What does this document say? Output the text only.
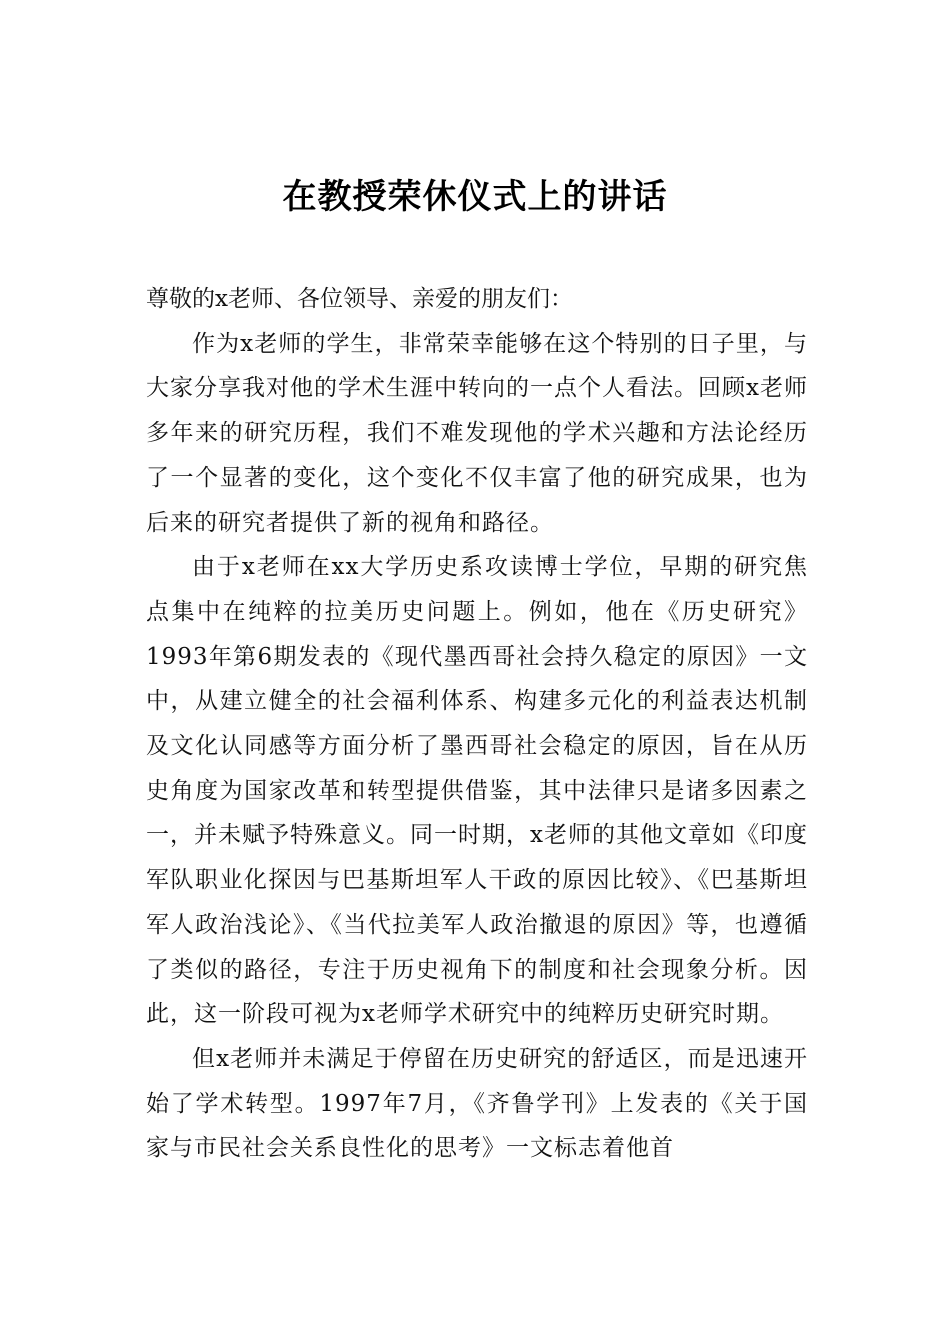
在教授荣休仪式上的讲话

尊敬的x老师、各位领导、亲爱的朋友们：

作为x老师的学生，非常荣幸能够在这个特别的日子里，与大家分享我对他的学术生涯中转向的一点个人看法。回顾x老师多年来的研究历程，我们不难发现他的学术兴趣和方法论经历了一个显著的变化，这个变化不仅丰富了他的研究成果，也为后来的研究者提供了新的视角和路径。

由于x老师在xx大学历史系攻读博士学位，早期的研究焦点集中在纯粹的拉美历史问题上。例如，他在《历史研究》1993年第6期发表的《现代墨西哥社会持久稳定的原因》一文中，从建立健全的社会福利体系、构建多元化的利益表达机制及文化认同感等方面分析了墨西哥社会稳定的原因，旨在从历史角度为国家改革和转型提供借鉴，其中法律只是诸多因素之一，并未赋予特殊意义。同一时期，x老师的其他文章如《印度军队职业化探因与巴基斯坦军人干政的原因比较》、《巴基斯坦军人政治浅论》、《当代拉美军人政治撤退的原因》等，也遵循了类似的路径，专注于历史视角下的制度和社会现象分析。因此，这一阶段可视为x老师学术研究中的纯粹历史研究时期。

但x老师并未满足于停留在历史研究的舒适区，而是迅速开始了学术转型。1997年7月，《齐鲁学刊》上发表的《关于国家与市民社会关系良性化的思考》一文标志着他首
